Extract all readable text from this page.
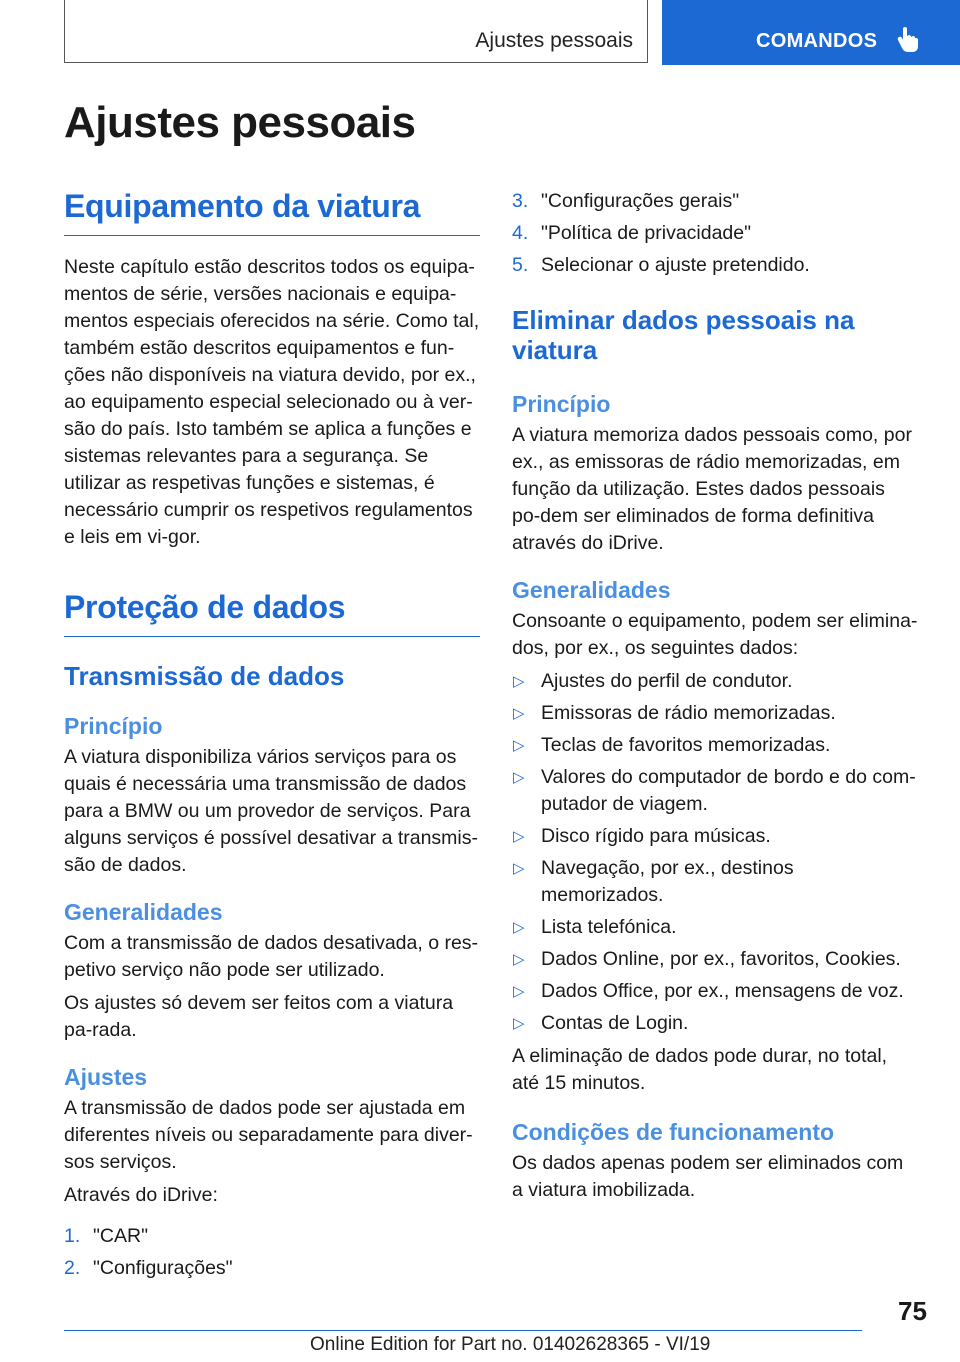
Ajustes pessoais	COMANDOS
Ajustes pessoais
Equipamento da viatura

Neste capítulo estão descritos todos os equipa-mentos de série, versões nacionais e equipa-mentos especiais oferecidos na série. Como tal, também estão descritos equipamentos e fun-ções não disponíveis na viatura devido, por ex., ao equipamento especial selecionado ou à ver-são do país. Isto também se aplica a funções e sistemas relevantes para a segurança. Se utilizar as respetivas funções e sistemas, é necessário cumprir os respetivos regulamentos e leis em vi-gor.

Proteção de dados
Transmissão de dados
Princípio

A viatura disponibiliza vários serviços para os quais é necessária uma transmissão de dados para a BMW ou um provedor de serviços. Para alguns serviços é possível desativar a transmis-são de dados.

Generalidades

Com a transmissão de dados desativada, o res-petivo serviço não pode ser utilizado.

Os ajustes só devem ser feitos com a viatura pa-rada.

Ajustes

A transmissão de dados pode ser ajustada em diferentes níveis ou separadamente para diver-sos serviços.

Através do iDrive:

1. "CAR"
2. "Configurações"
3. "Configurações gerais"
4. "Política de privacidade"
5. Selecionar o ajuste pretendido.
Eliminar dados pessoais na viatura
Princípio

A viatura memoriza dados pessoais como, por ex., as emissoras de rádio memorizadas, em função da utilização. Estes dados pessoais po-dem ser eliminados de forma definitiva através do iDrive.

Generalidades

Consoante o equipamento, podem ser elimina-dos, por ex., os seguintes dados:

▷ Ajustes do perfil de condutor.
▷ Emissoras de rádio memorizadas.
▷ Teclas de favoritos memorizadas.
▷ Valores do computador de bordo e do com-putador de viagem.
▷ Disco rígido para músicas.
▷ Navegação, por ex., destinos memorizados.
▷ Lista telefónica.
▷ Dados Online, por ex., favoritos, Cookies.
▷ Dados Office, por ex., mensagens de voz.
▷ Contas de Login.

A eliminação de dados pode durar, no total, até 15 minutos.

Condições de funcionamento

Os dados apenas podem ser eliminados com a viatura imobilizada.

75
Online Edition for Part no. 01402628365 - VI/19
